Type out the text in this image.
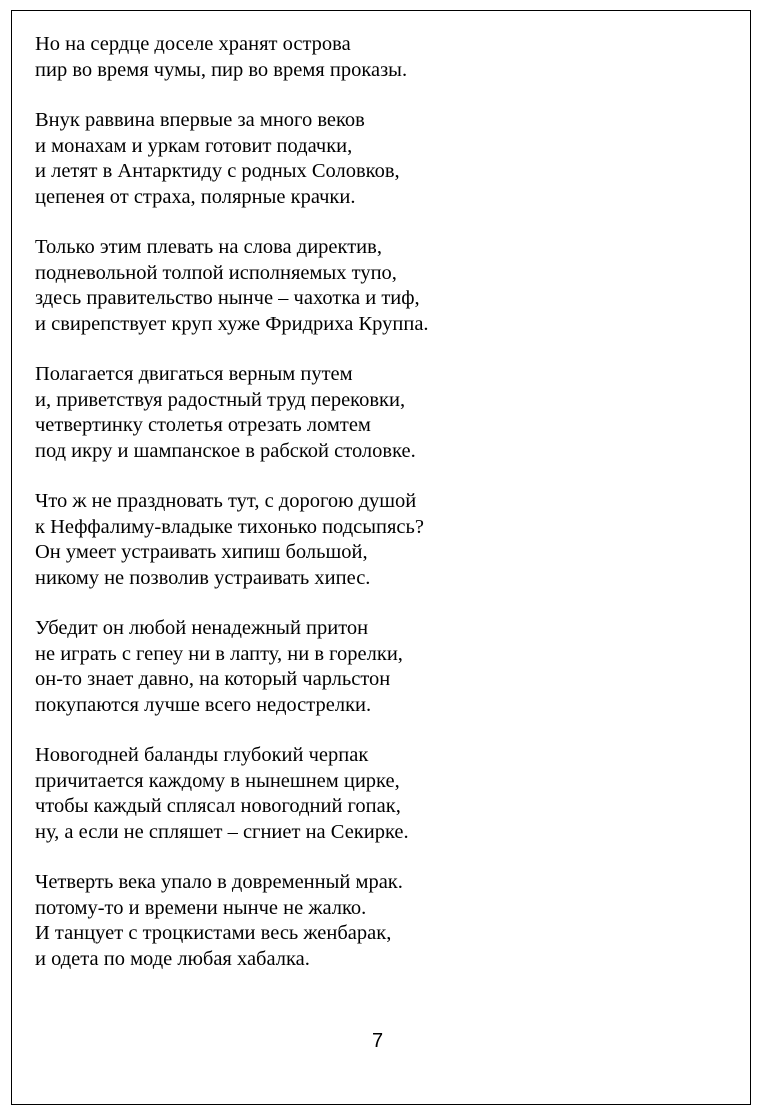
Но на сердце доселе хранят острова
пир во время чумы, пир во время проказы.
Внук раввина впервые за много веков
и монахам и уркам готовит подачки,
и летят в Антарктиду с родных Соловков,
цепенея от страха, полярные крачки.
Только этим плевать на слова директив,
подневольной толпой исполняемых тупо,
здесь правительство нынче – чахотка и тиф,
и свирепствует круп хуже Фридриха Круппа.
Полагается двигаться верным путем
и, приветствуя радостный труд перековки,
четвертинку столетья отрезать ломтем
под икру и шампанское в рабской столовке.
Что ж не праздновать тут, с дорогою душой
к Неффалиму-владыке тихонько подсыпясь?
Он умеет устраивать хипиш большой,
никому не позволив устраивать хипес.
Убедит он любой ненадежный притон
не играть с гепеу ни в лапту, ни в горелки,
он-то знает давно, на который чарльстон
покупаются лучше всего недострелки.
Новогодней баланды глубокий черпак
причитается каждому в нынешнем цирке,
чтобы каждый сплясал новогодний гопак,
ну, а если не спляшет – сгниет на Секирке.
Четверть века упало в довременный мрак.
потому-то и времени нынче не жалко.
И танцует с троцкистами весь женбарак,
и одета по моде любая хабалка.
7
